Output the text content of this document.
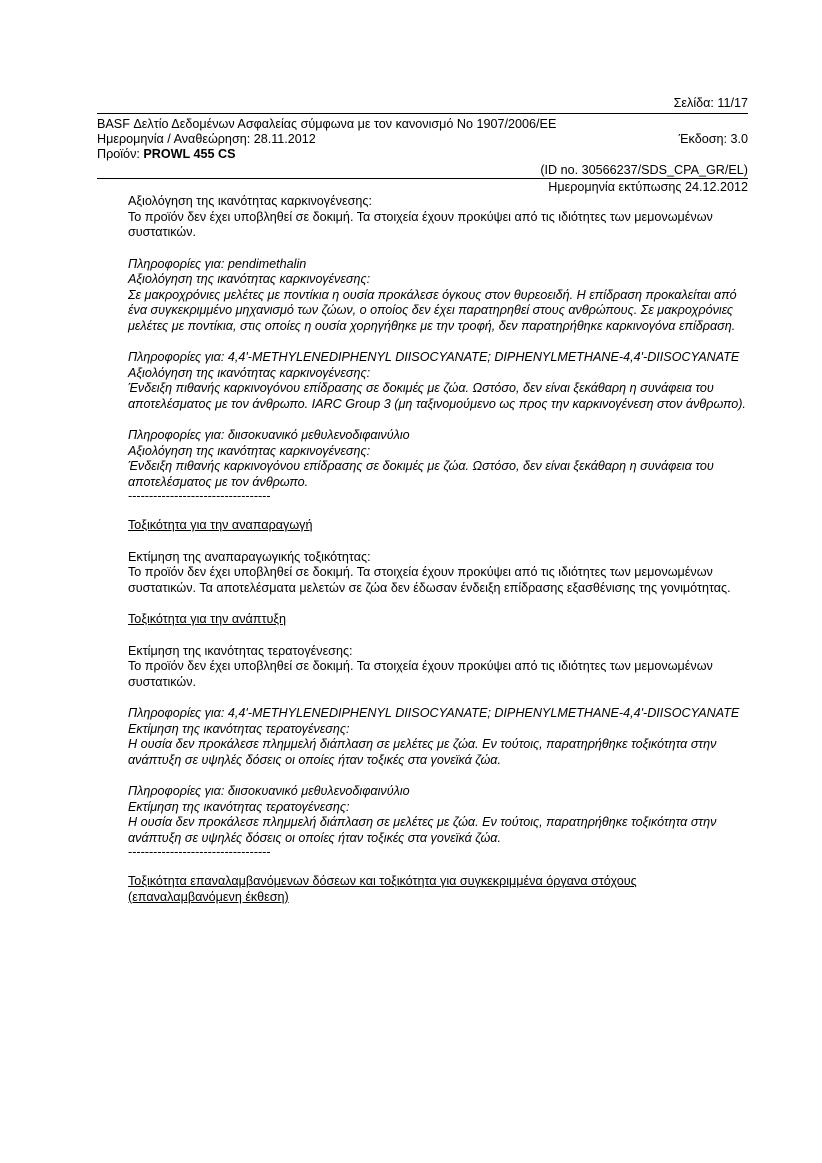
Σελίδα: 11/17
BASF Δελτίο Δεδομένων Ασφαλείας σύμφωνα με τον κανονισμό No 1907/2006/ΕΕ
Ημερομηνία / Αναθεώρηση: 28.11.2012	Έκδοση: 3.0
Προϊόν: PROWL 455 CS
(ID no. 30566237/SDS_CPA_GR/EL)
Ημερομηνία εκτύπωσης 24.12.2012

Αξιολόγηση της ικανότητας καρκινογένεσης:

Το προϊόν δεν έχει υποβληθεί σε δοκιμή. Τα στοιχεία έχουν προκύψει από τις ιδιότητες των μεμονωμένων συστατικών.

Πληροφορίες για: pendimethalin

Αξιολόγηση της ικανότητας καρκινογένεσης:

Σε μακροχρόνιες μελέτες με ποντίκια η ουσία προκάλεσε όγκους στον θυρεοειδή. Η επίδραση προκαλείται από ένα συγκεκριμμένο μηχανισμό των ζώων, ο οποίος δεν έχει παρατηρηθεί στους ανθρώπους. Σε μακροχρόνιες μελέτες με ποντίκια, στις οποίες η ουσία χορηγήθηκε με την τροφή, δεν παρατηρήθηκε καρκινογόνα επίδραση.

Πληροφορίες για: 4,4'-METHYLENEDIPHENYL DIISOCYANATE; DIPHENYLMETHANE-4,4'-DIISOCYANATE

Αξιολόγηση της ικανότητας καρκινογένεσης:

Ένδειξη πιθανής καρκινογόνου επίδρασης σε δοκιμές με ζώα. Ωστόσο, δεν είναι ξεκάθαρη η συνάφεια του αποτελέσματος με τον άνθρωπο. IARC Group 3 (μη ταξινομούμενο ως προς την καρκινογένεση στον άνθρωπο).

Πληροφορίες για: διισοκυανικό μεθυλενοδιφαινύλιο

Αξιολόγηση της ικανότητας καρκινογένεσης:

Ένδειξη πιθανής καρκινογόνου επίδρασης σε δοκιμές με ζώα. Ωστόσο, δεν είναι ξεκάθαρη η συνάφεια του αποτελέσματος με τον άνθρωπο.

----------------------------------

Τοξικότητα για την αναπαραγωγή

Εκτίμηση της αναπαραγωγικής τοξικότητας:

Το προϊόν δεν έχει υποβληθεί σε δοκιμή. Τα στοιχεία έχουν προκύψει από τις ιδιότητες των μεμονωμένων συστατικών. Τα αποτελέσματα μελετών σε ζώα δεν έδωσαν ένδειξη επίδρασης εξασθένισης της γονιμότητας.

Τοξικότητα για την ανάπτυξη

Εκτίμηση της ικανότητας τερατογένεσης:

Το προϊόν δεν έχει υποβληθεί σε δοκιμή. Τα στοιχεία έχουν προκύψει από τις ιδιότητες των μεμονωμένων συστατικών.

Πληροφορίες για: 4,4'-METHYLENEDIPHENYL DIISOCYANATE; DIPHENYLMETHANE-4,4'-DIISOCYANATE

Εκτίμηση της ικανότητας τερατογένεσης:

Η ουσία δεν προκάλεσε πλημμελή διάπλαση σε μελέτες με ζώα. Εν τούτοις, παρατηρήθηκε τοξικότητα στην ανάπτυξη σε υψηλές δόσεις οι οποίες ήταν τοξικές στα γονεϊκά ζώα.

Πληροφορίες για: διισοκυανικό μεθυλενοδιφαινύλιο

Εκτίμηση της ικανότητας τερατογένεσης:

Η ουσία δεν προκάλεσε πλημμελή διάπλαση σε μελέτες με ζώα. Εν τούτοις, παρατηρήθηκε τοξικότητα στην ανάπτυξη σε υψηλές δόσεις οι οποίες ήταν τοξικές στα γονεϊκά ζώα.

----------------------------------

Τοξικότητα επαναλαμβανόμενων δόσεων και τοξικότητα για συγκεκριμμένα όργανα στόχους (επαναλαμβανόμενη έκθεση)
